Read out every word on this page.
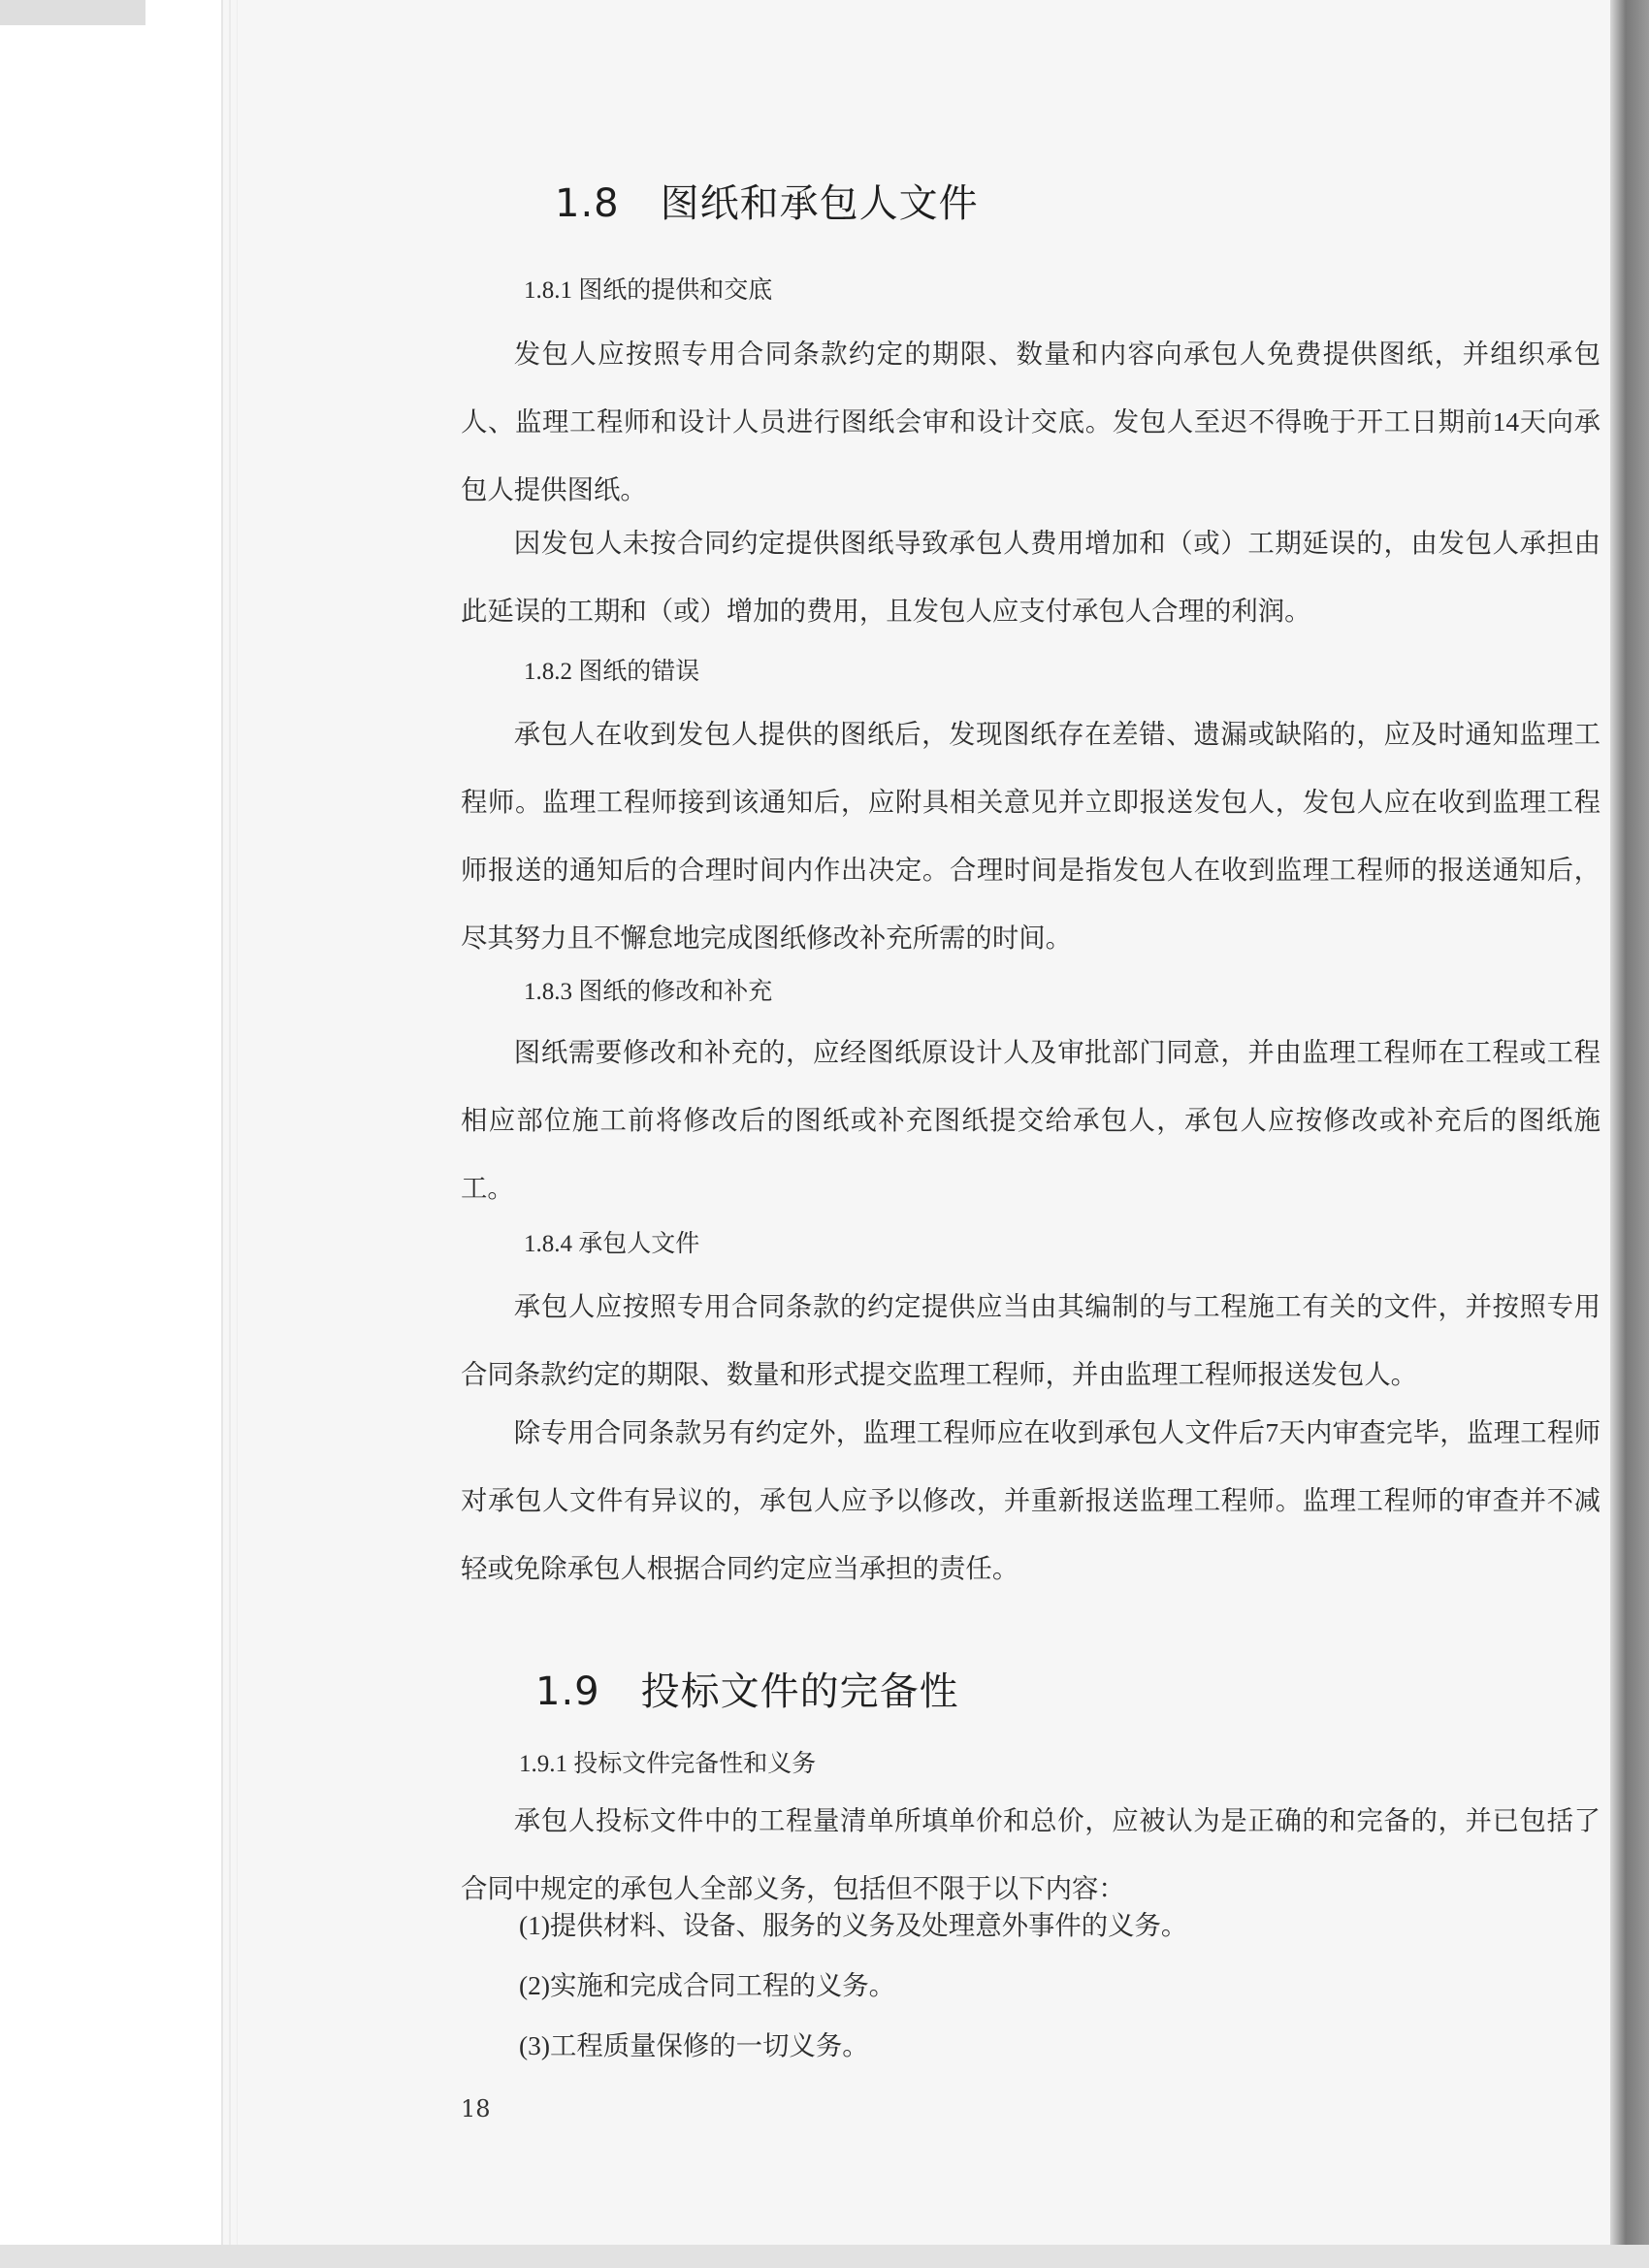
1.8 图纸和承包人文件
1.8.1 图纸的提供和交底
发包人应按照专用合同条款约定的期限、数量和内容向承包人免费提供图纸，并组织承包人、监理工程师和设计人员进行图纸会审和设计交底。发包人至迟不得晚于开工日期前14天向承包人提供图纸。
因发包人未按合同约定提供图纸导致承包人费用增加和（或）工期延误的，由发包人承担由此延误的工期和（或）增加的费用，且发包人应支付承包人合理的利润。
1.8.2 图纸的错误
承包人在收到发包人提供的图纸后，发现图纸存在差错、遗漏或缺陷的，应及时通知监理工程师。监理工程师接到该通知后，应附具相关意见并立即报送发包人，发包人应在收到监理工程师报送的通知后的合理时间内作出决定。合理时间是指发包人在收到监理工程师的报送通知后，尽其努力且不懈怠地完成图纸修改补充所需的时间。
1.8.3 图纸的修改和补充
图纸需要修改和补充的，应经图纸原设计人及审批部门同意，并由监理工程师在工程或工程相应部位施工前将修改后的图纸或补充图纸提交给承包人，承包人应按修改或补充后的图纸施工。
1.8.4 承包人文件
承包人应按照专用合同条款的约定提供应当由其编制的与工程施工有关的文件，并按照专用合同条款约定的期限、数量和形式提交监理工程师，并由监理工程师报送发包人。
除专用合同条款另有约定外，监理工程师应在收到承包人文件后7天内审查完毕，监理工程师对承包人文件有异议的，承包人应予以修改，并重新报送监理工程师。监理工程师的审查并不减轻或免除承包人根据合同约定应当承担的责任。
1.9 投标文件的完备性
1.9.1 投标文件完备性和义务
承包人投标文件中的工程量清单所填单价和总价，应被认为是正确的和完备的，并已包括了合同中规定的承包人全部义务，包括但不限于以下内容：
(1)提供材料、设备、服务的义务及处理意外事件的义务。
(2)实施和完成合同工程的义务。
(3)工程质量保修的一切义务。
18
